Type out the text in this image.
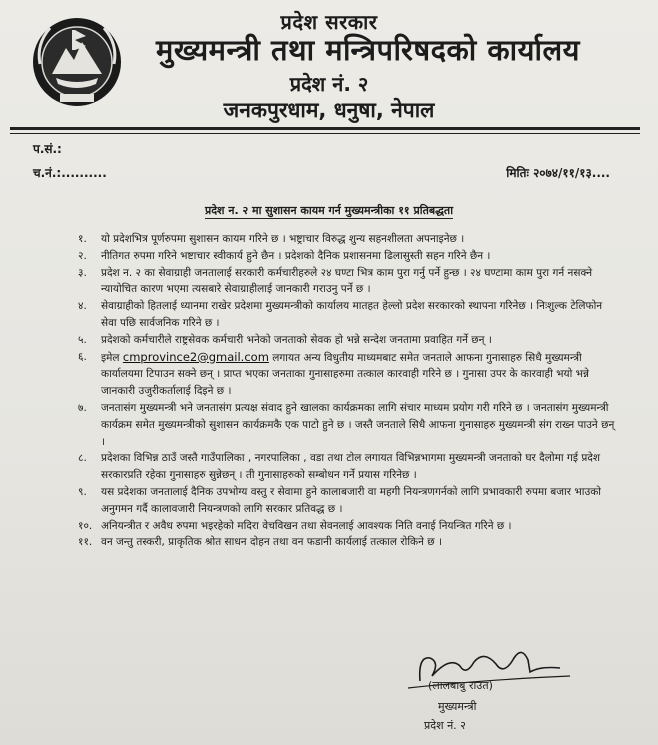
प्रदेश सरकार
मुख्यमन्त्री तथा मन्त्रिपरिषदको कार्यालय
प्रदेश नं. २
जनकपुरधाम, धनुषा, नेपाल
प.सं.:
च.नं.:..........	मितिः २०७४/११/१३....
प्रदेश न. २ मा सुशासन कायम गर्न मुख्यमन्त्रीका ११ प्रतिबद्धता
१. यो प्रदेशभित्र पूर्णरुपमा सुशासन कायम गरिने छ । भष्ट्राचार विरुद्ध शुन्य सहनशीलता अपनाइनेछ ।
२. नीतिगत रुपमा गरिने भष्टाचार स्वीकार्य हुने छैन । प्रदेशको दैनिक प्रशासनमा ढिलासुस्ती सहन गरिने छैन ।
३. प्रदेश न. २ का सेवाग्राही जनतालाई सरकारी कर्मचारीहरुले २४ घण्टा भित्र काम पुरा गर्नु पर्ने हुन्छ । २४ घण्टामा काम पुरा गर्न नसक्ने न्यायोचित कारण भएमा त्यसबारे सेवाग्राहीलाई जानकारी गराउनु पर्ने छ ।
४. सेवाग्राहीको हितलाई ध्यानमा राखेर प्रदेशमा मुख्यमन्त्रीको कार्यालय मातहत हेल्लो प्रदेश सरकारको स्थापना गरिनेछ । निःशुल्क टेलिफोन सेवा पछि सार्वजनिक गरिने छ ।
५. प्रदेशको कर्मचारीले राष्ट्रसेवक कर्मचारी भनेको जनताको सेवक हो भन्ने सन्देश जनतामा प्रवाहित गर्ने छन् ।
६. इमेल cmprovince2@gmail.com लगायत अन्य विधुतीय माध्यमबाट समेत जनताले आफना गुनासाहरु सिधै मुख्यमन्त्री कार्यालयमा टिपाउन सक्ने छन् । प्राप्त भएका जनताका गुनासाहरुमा तत्काल कारवाही गरिने छ । गुनासा उपर के कारवाही भयो भन्ने जानकारी उजुरीकर्तालाई दिइने छ ।
७. जनतासंग मुख्यमन्त्री भने जनतासंग प्रत्यक्ष संवाद हुने खालका कार्यक्रमका लागि संचार माध्यम प्रयोग गरी गरिने छ । जनतासंग मुख्यमन्त्री कार्यक्रम समेत मुख्यमन्त्रीको सुशासन कार्यक्रमकै एक पाटो हुने छ । जस्तै जनताले सिधै आफना गुनासाहरु मुख्यमन्त्री संग राख्न पाउने छन् ।
८. प्रदेशका विभिन्न ठाउँ जस्तै गाउँपालिका , नगरपालिका , वडा तथा टोल लगायत विभिन्नभागमा मुख्यमन्त्री जनताको घर दैलोमा गई प्रदेश सरकारप्रति रहेका गुनासाहरु सुन्नेछन् । ती गुनासाहरुको सम्बोधन गर्ने प्रयास गरिनेछ ।
९. यस प्रदेशका जनतालाई दैनिक उपभोग्य वस्तु र सेवामा हुने कालाबजारी वा महगी नियन्त्रणगर्नको लागि प्रभावकारी रुपमा बजार भाउको अनुगमन गर्दै कालावजारी नियन्त्रणको लागि सरकार प्रतिवद्ध छ ।
१०. अनियन्त्रीत र अवैध रुपमा भइरहेको मदिरा वेचविखन तथा सेवनलाई आवश्यक निति वनाई नियन्त्रित गरिने छ ।
११. वन जन्तु तस्करी, प्राकृतिक श्रोत साधन दोहन तथा वन फडानी कार्यलाई तत्काल रोकिने छ ।
(लालबाबु राउत)
मुख्यमन्त्री
प्रदेश नं. २
